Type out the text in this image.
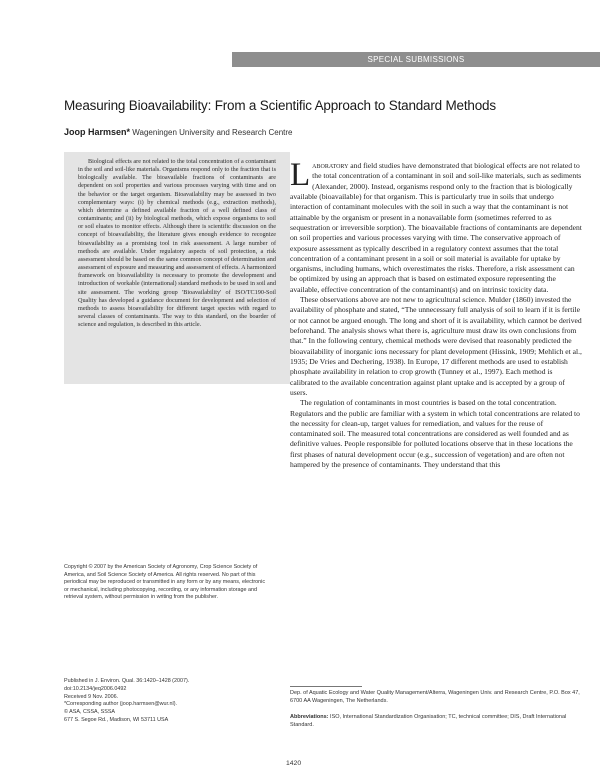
SPECIAL SUBMISSIONS
Measuring Bioavailability: From a Scientific Approach to Standard Methods
Joop Harmsen* Wageningen University and Research Centre

Biological effects are not related to the total concentration of a contaminant in the soil and soil-like materials. Organisms respond only to the fraction that is biologically available. The bioavailable fractions of contaminants are dependent on soil properties and various processes varying with time and on the behavior or the target organism. Bioavailability may be assessed in two complementary ways: (i) by chemical methods (e.g., extraction methods), which determine a defined available fraction of a well defined class of contaminants; and (ii) by biological methods, which expose organisms to soil or soil eluates to monitor effects. Although there is scientific discussion on the concept of bioavailability, the literature gives enough evidence to recognize bioavailability as a promising tool in risk assessment. A large number of methods are available. Under regulatory aspects of soil protection, a risk assessment should be based on the same common concept of determination and assessment of exposure and measuring and assessment of effects. A harmonized framework on bioavailability is necessary to promote the development and introduction of workable (international) standard methods to be used in soil and site assessment. The working group 'Bioavailability' of ISO/TC190-Soil Quality has developed a guidance document for development and selection of methods to assess bioavailability for different target species with regard to several classes of contaminants. The way to this standard, on the boarder of science and regulation, is described in this article.

Laboratory and field studies have demonstrated that biological effects are not related to the total concentration of a contaminant in soil and soil-like materials, such as sediments (Alexander, 2000). Instead, organisms respond only to the fraction that is biologically available (bioavailable) for that organism. This is particularly true in soils that undergo interaction of contaminant molecules with the soil in such a way that the contaminant is not attainable by the organism or present in a nonavailable form (sometimes referred to as sequestration or irreversible sorption). The bioavailable fractions of contaminants are dependent on soil properties and various processes varying with time. The conservative approach of exposure assessment as typically described in a regulatory context assumes that the total concentration of a contaminant present in a soil or soil material is available for uptake by organisms, including humans, which overestimates the risks. Therefore, a risk assessment can be optimized by using an approach that is based on estimated exposure representing the available, effective concentration of the contaminant(s) and on intrinsic toxicity data.

These observations above are not new to agricultural science. Mulder (1860) invested the availability of phosphate and stated, “The unnecessary full analysis of soil to learn if it is fertile or not cannot be argued enough. The long and short of it is availability, which cannot be derived beforehand. The analysis shows what there is, agriculture must draw its own conclusions from that.” In the following century, chemical methods were devised that reasonably predicted the bioavailability of inorganic ions necessary for plant development (Hissink, 1909; Mehlich et al., 1935; De Vries and Dechering, 1938). In Europe, 17 different methods are used to establish phosphate availability in relation to crop growth (Tunney et al., 1997). Each method is calibrated to the available concentration against plant uptake and is accepted by a group of users.

The regulation of contaminants in most countries is based on the total concentration. Regulators and the public are familiar with a system in which total concentrations are related to the necessity for clean-up, target values for remediation, and values for the reuse of contaminated soil. The measured total concentrations are considered as well founded and as definitive values. People responsible for polluted locations observe that in these locations the first phases of natural development occur (e.g., succession of vegetation) and are often not hampered by the presence of contaminants. They understand that this

Copyright © 2007 by the American Society of Agronomy, Crop Science Society of America, and Soil Science Society of America. All rights reserved. No part of this periodical may be reproduced or transmitted in any form or by any means, electronic or mechanical, including photocopying, recording, or any information storage and retrieval system, without permission in writing from the publisher.

Published in J. Environ. Qual. 36:1420–1428 (2007).
doi:10.2134/jeq2006.0492
Received 9 Nov. 2006.
*Corresponding author (joop.harmsen@wur.nl).
© ASA, CSSA, SSSA
677 S. Segoe Rd., Madison, WI 53711 USA

Dep. of Aquatic Ecology and Water Quality Management/Alterra, Wageningen Univ. and Research Centre, P.O. Box 47, 6700 AA Wageningen, The Netherlands.

Abbreviations: ISO, International Standardization Organisation; TC, technical committee; DIS, Draft International Standard.

1420
